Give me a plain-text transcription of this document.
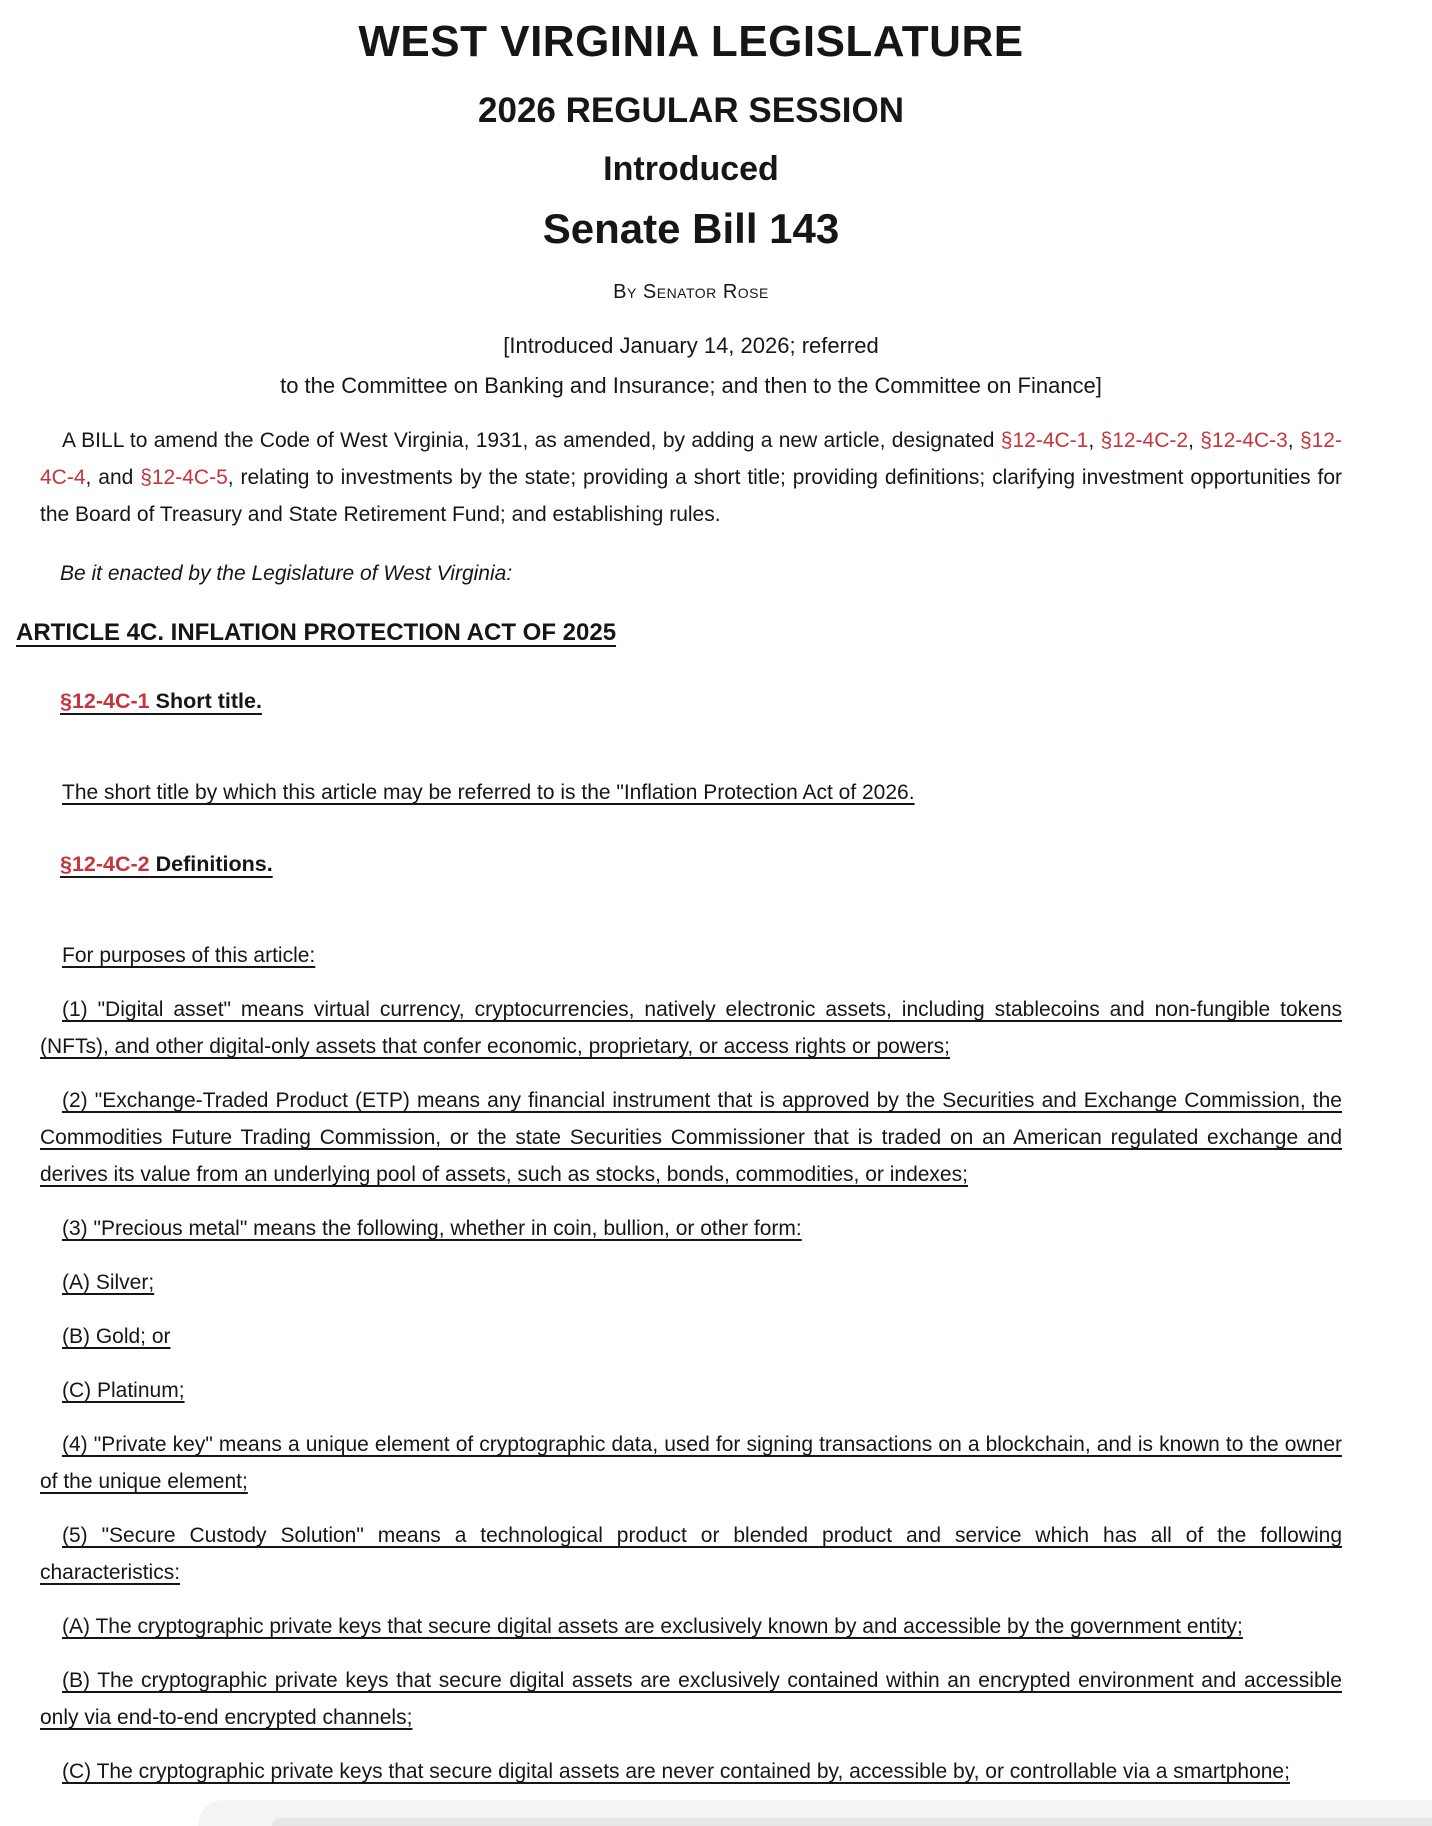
WEST VIRGINIA LEGISLATURE
2026 REGULAR SESSION
Introduced
Senate Bill 143
By Senator Rose
[Introduced January 14, 2026; referred
to the Committee on Banking and Insurance; and then to the Committee on Finance]

A BILL to amend the Code of West Virginia, 1931, as amended, by adding a new article, designated §12-4C-1, §12-4C-2, §12-4C-3, §12-4C-4, and §12-4C-5, relating to investments by the state; providing a short title; providing definitions; clarifying investment opportunities for the Board of Treasury and State Retirement Fund; and establishing rules.

Be it enacted by the Legislature of West Virginia:

ARTICLE 4C. INFLATION PROTECTION ACT OF 2025
§12-4C-1 Short title.
The short title by which this article may be referred to is the "Inflation Protection Act of 2026.
§12-4C-2 Definitions.
For purposes of this article:
(1) "Digital asset" means virtual currency, cryptocurrencies, natively electronic assets, including stablecoins and non-fungible tokens (NFTs), and other digital-only assets that confer economic, proprietary, or access rights or powers;
(2) "Exchange-Traded Product (ETP) means any financial instrument that is approved by the Securities and Exchange Commission, the Commodities Future Trading Commission, or the state Securities Commissioner that is traded on an American regulated exchange and derives its value from an underlying pool of assets, such as stocks, bonds, commodities, or indexes;
(3) "Precious metal" means the following, whether in coin, bullion, or other form:
(A) Silver;
(B) Gold; or
(C) Platinum;
(4) "Private key" means a unique element of cryptographic data, used for signing transactions on a blockchain, and is known to the owner of the unique element;
(5) "Secure Custody Solution" means a technological product or blended product and service which has all of the following characteristics:
(A) The cryptographic private keys that secure digital assets are exclusively known by and accessible by the government entity;
(B) The cryptographic private keys that secure digital assets are exclusively contained within an encrypted environment and accessible only via end-to-end encrypted channels;
(C) The cryptographic private keys that secure digital assets are never contained by, accessible by, or controllable via a smartphone;
